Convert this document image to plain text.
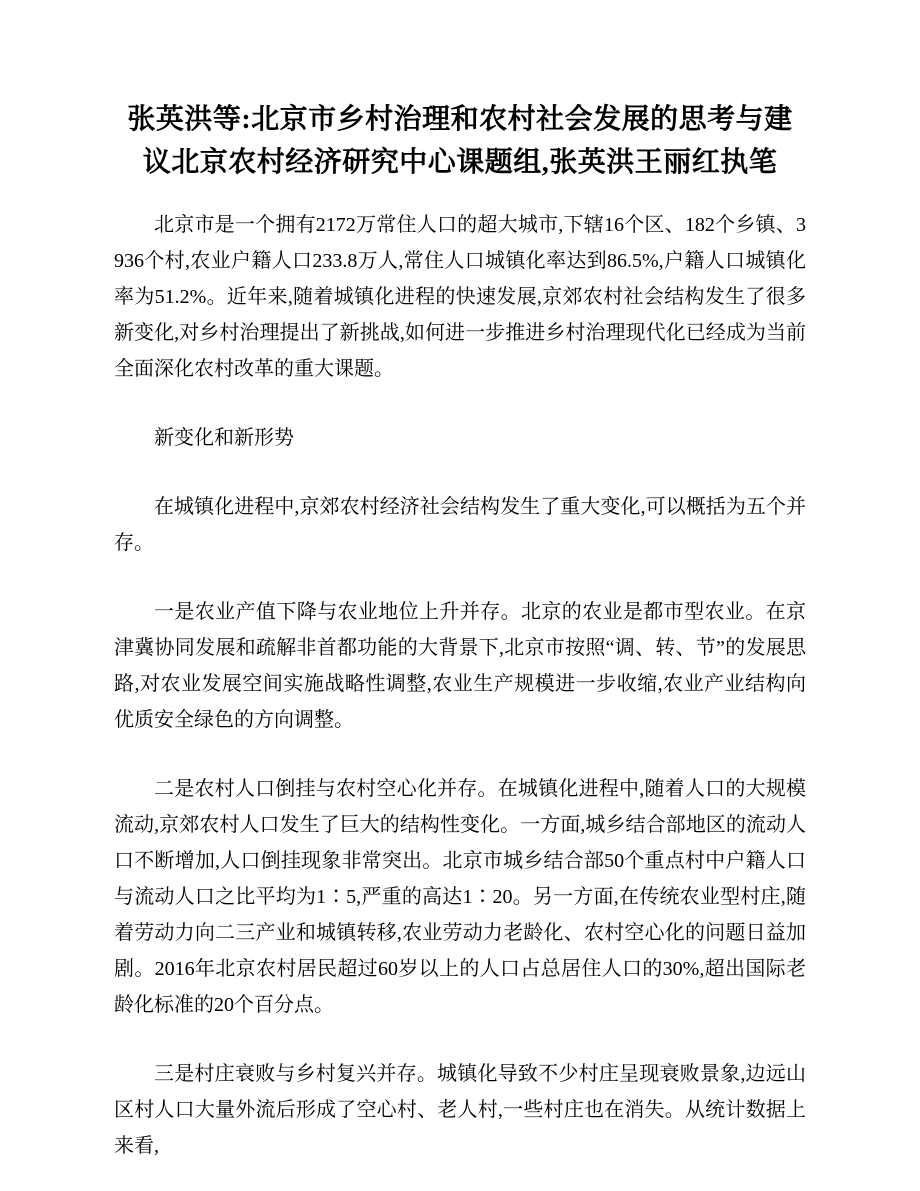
张英洪等:北京市乡村治理和农村社会发展的思考与建议北京农村经济研究中心课题组,张英洪王丽红执笔

北京市是一个拥有2172万常住人口的超大城市,下辖16个区、182个乡镇、3936个村,农业户籍人口233.8万人,常住人口城镇化率达到86.5%,户籍人口城镇化率为51.2%。近年来,随着城镇化进程的快速发展,京郊农村社会结构发生了很多新变化,对乡村治理提出了新挑战,如何进一步推进乡村治理现代化已经成为当前全面深化农村改革的重大课题。

新变化和新形势

在城镇化进程中,京郊农村经济社会结构发生了重大变化,可以概括为五个并存。

一是农业产值下降与农业地位上升并存。北京的农业是都市型农业。在京津冀协同发展和疏解非首都功能的大背景下,北京市按照“调、转、节”的发展思路,对农业发展空间实施战略性调整,农业生产规模进一步收缩,农业产业结构向优质安全绿色的方向调整。

二是农村人口倒挂与农村空心化并存。在城镇化进程中,随着人口的大规模流动,京郊农村人口发生了巨大的结构性变化。一方面,城乡结合部地区的流动人口不断增加,人口倒挂现象非常突出。北京市城乡结合部50个重点村中户籍人口与流动人口之比平均为1∶5,严重的高达1∶20。另一方面,在传统农业型村庄,随着劳动力向二三产业和城镇转移,农业劳动力老龄化、农村空心化的问题日益加剧。2016年北京农村居民超过60岁以上的人口占总居住人口的30%,超出国际老龄化标准的20个百分点。

三是村庄衰败与乡村复兴并存。城镇化导致不少村庄呈现衰败景象,边远山区村人口大量外流后形成了空心村、老人村,一些村庄也在消失。从统计数据上来看,
